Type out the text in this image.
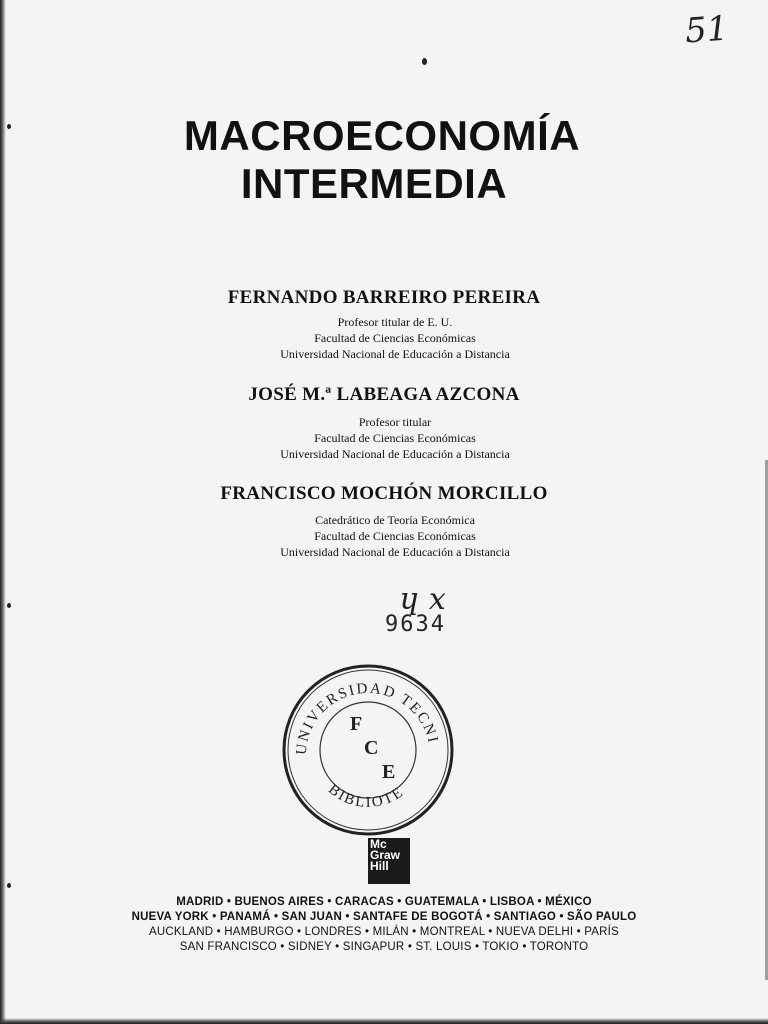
51
MACROECONOMÍA
INTERMEDIA
FERNANDO BARREIRO PEREIRA
Profesor titular de E. U.
Facultad de Ciencias Económicas
Universidad Nacional de Educación a Distancia
JOSÉ M.ª LABEAGA AZCONA
Profesor titular
Facultad de Ciencias Económicas
Universidad Nacional de Educación a Distancia
FRANCISCO MOCHÓN MORCILLO
Catedrático de Teoría Económica
Facultad de Ciencias Económicas
Universidad Nacional de Educación a Distancia
ɥ x
9634
UNIVERSIDAD TECNI
BIBLIOTE
F
C
E
Mc
Graw
Hill
MADRID • BUENOS AIRES • CARACAS • GUATEMALA • LISBOA • MÉXICO
NUEVA YORK • PANAMÁ • SAN JUAN • SANTAFE DE BOGOTÁ • SANTIAGO • SÃO PAULO
AUCKLAND • HAMBURGO • LONDRES • MILÁN • MONTREAL • NUEVA DELHI • PARÍS
SAN FRANCISCO • SIDNEY • SINGAPUR • ST. LOUIS • TOKIO • TORONTO
